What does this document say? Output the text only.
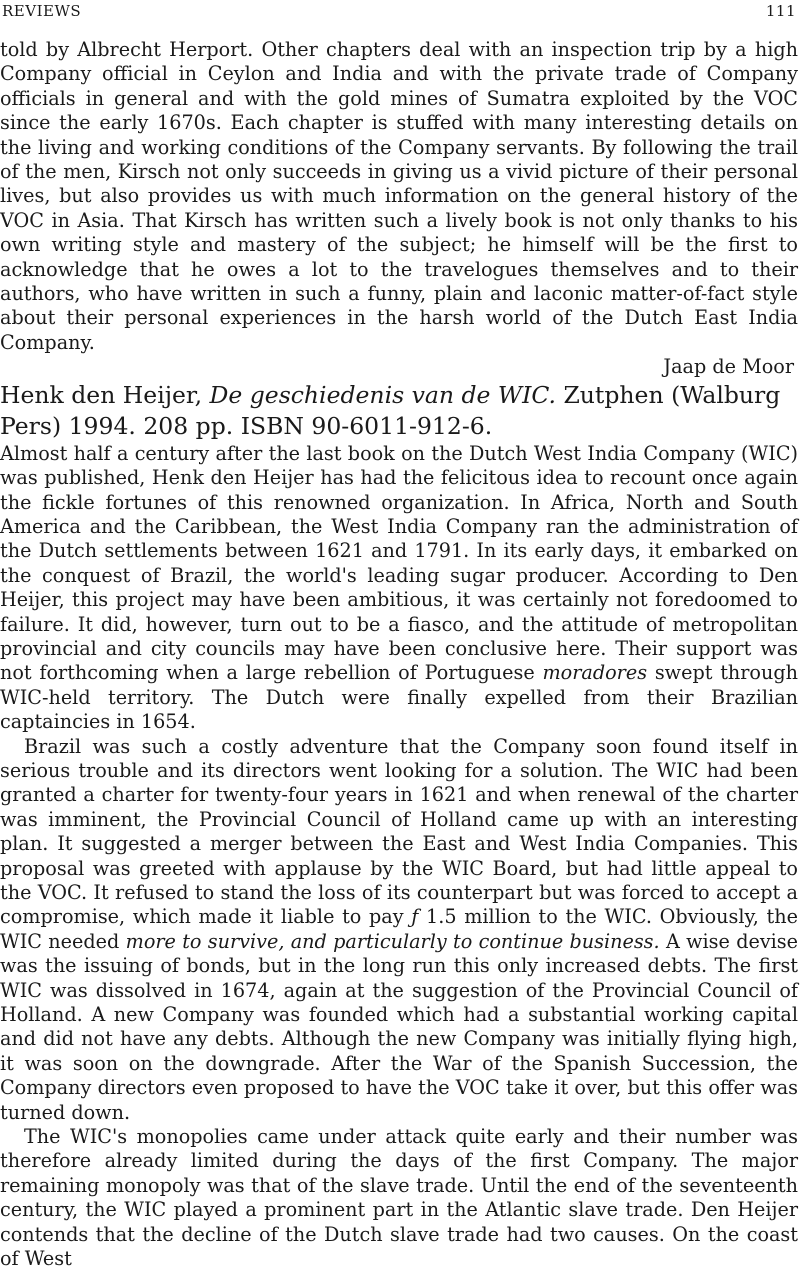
REVIEWS	111

told by Albrecht Herport. Other chapters deal with an inspection trip by a high Company official in Ceylon and India and with the private trade of Company officials in general and with the gold mines of Sumatra exploited by the VOC since the early 1670s. Each chapter is stuffed with many interesting details on the living and working conditions of the Company servants. By following the trail of the men, Kirsch not only succeeds in giving us a vivid picture of their personal lives, but also provides us with much information on the general history of the VOC in Asia. That Kirsch has written such a lively book is not only thanks to his own writing style and mastery of the subject; he himself will be the first to acknowledge that he owes a lot to the travelogues themselves and to their authors, who have written in such a funny, plain and laconic matter-of-fact style about their personal experiences in the harsh world of the Dutch East India Company.

Jaap de Moor

Henk den Heijer, De geschiedenis van de WIC. Zutphen (Walburg Pers) 1994. 208 pp. ISBN 90-6011-912-6.

Almost half a century after the last book on the Dutch West India Company (WIC) was published, Henk den Heijer has had the felicitous idea to recount once again the fickle fortunes of this renowned organization. In Africa, North and South America and the Caribbean, the West India Company ran the administration of the Dutch settlements between 1621 and 1791. In its early days, it embarked on the conquest of Brazil, the world's leading sugar producer. According to Den Heijer, this project may have been ambitious, it was certainly not foredoomed to failure. It did, however, turn out to be a fiasco, and the attitude of metropolitan provincial and city councils may have been conclusive here. Their support was not forthcoming when a large rebellion of Portuguese moradores swept through WIC-held territory. The Dutch were finally expelled from their Brazilian captaincies in 1654.

Brazil was such a costly adventure that the Company soon found itself in serious trouble and its directors went looking for a solution. The WIC had been granted a charter for twenty-four years in 1621 and when renewal of the charter was imminent, the Provincial Council of Holland came up with an interesting plan. It suggested a merger between the East and West India Companies. This proposal was greeted with applause by the WIC Board, but had little appeal to the VOC. It refused to stand the loss of its counterpart but was forced to accept a compromise, which made it liable to pay ƒ 1.5 million to the WIC. Obviously, the WIC needed more to survive, and particularly to continue business. A wise devise was the issuing of bonds, but in the long run this only increased debts. The first WIC was dissolved in 1674, again at the suggestion of the Provincial Council of Holland. A new Company was founded which had a substantial working capital and did not have any debts. Although the new Company was initially flying high, it was soon on the downgrade. After the War of the Spanish Succession, the Company directors even proposed to have the VOC take it over, but this offer was turned down.

The WIC's monopolies came under attack quite early and their number was therefore already limited during the days of the first Company. The major remaining monopoly was that of the slave trade. Until the end of the seventeenth century, the WIC played a prominent part in the Atlantic slave trade. Den Heijer contends that the decline of the Dutch slave trade had two causes. On the coast of West
